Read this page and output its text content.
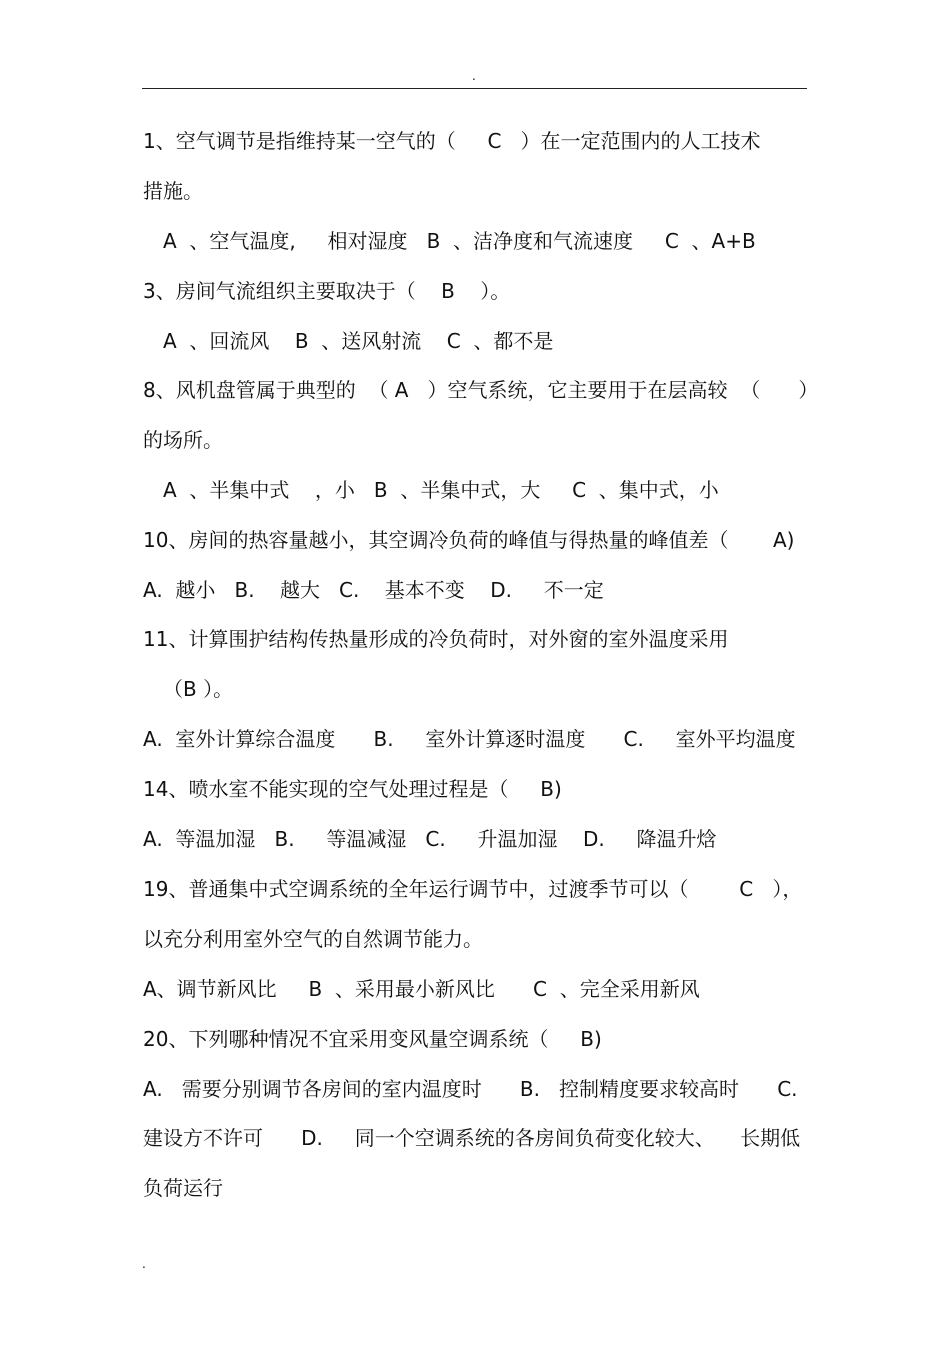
.
1、空气调节是指维持某一空气的（     C   ）在一定范围内的人工技术
措施。
A  、空气温度,     相对湿度   B  、洁净度和气流速度     C  、A+B
3、房间气流组织主要取决于（    B    ）。
A  、回流风    B  、送风射流    C  、都不是
8、风机盘管属于典型的  （ A   ）空气系统，它主要用于在层高较  （      ）
的场所。
A  、半集中式    ，小   B  、半集中式，大     C  、集中式，小
10、房间的热容量越小，其空调冷负荷的峰值与得热量的峰值差（       A)
A.  越小   B.    越大   C.    基本不变    D.     不一定
11、计算围护结构传热量形成的冷负荷时，对外窗的室外温度采用
（B ）。
A.  室外计算综合温度      B.     室外计算逐时温度      C.     室外平均温度
14、喷水室不能实现的空气处理过程是（     B)
A.  等温加湿   B.     等温减湿   C.     升温加湿    D.     降温升焓
19、普通集中式空调系统的全年运行调节中，过渡季节可以（        C   ），
以充分利用室外空气的自然调节能力。
A、调节新风比     B  、采用最小新风比      C  、完全采用新风
20、下列哪种情况不宜采用变风量空调系统（     B)
A.   需要分别调节各房间的室内温度时      B.   控制精度要求较高时      C.
建设方不许可      D.     同一个空调系统的各房间负荷变化较大、    长期低
负荷运行
.
